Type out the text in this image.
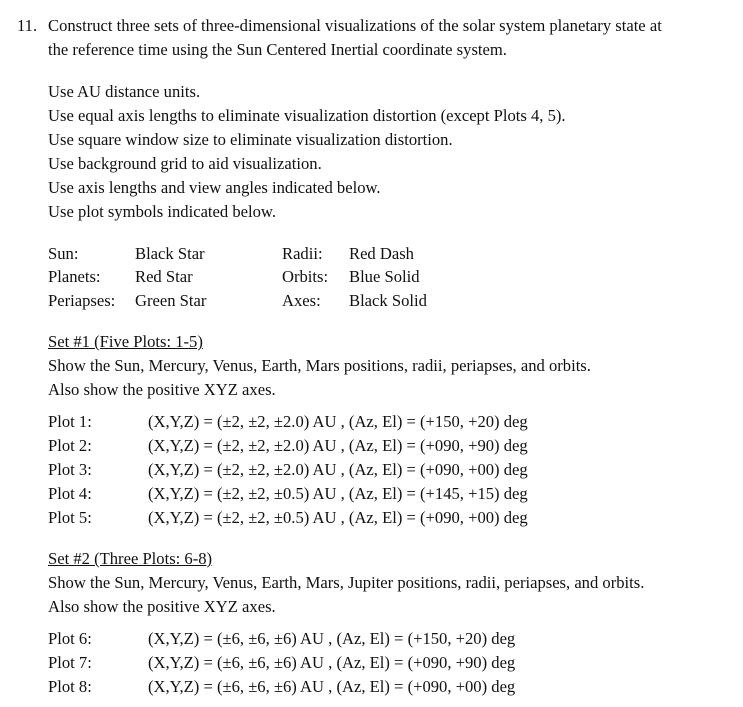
11. Construct three sets of three-dimensional visualizations of the solar system planetary state at
the reference time using the Sun Centered Inertial coordinate system.
Use AU distance units.
Use equal axis lengths to eliminate visualization distortion (except Plots 4, 5).
Use square window size to eliminate visualization distortion.
Use background grid to aid visualization.
Use axis lengths and view angles indicated below.
Use plot symbols indicated below.
Sun:	Black Star	Radii: Red Dash
Planets: Red Star	Orbits: Blue Solid
Periapses: Green Star	Axes: Black Solid
Set #1 (Five Plots: 1-5)
Show the Sun, Mercury, Venus, Earth, Mars positions, radii, periapses, and orbits.
Also show the positive XYZ axes.
Plot 1:	(X,Y,Z) = (±2, ±2, ±2.0) AU , (Az, El) = (+150, +20) deg
Plot 2:	(X,Y,Z) = (±2, ±2, ±2.0) AU , (Az, El) = (+090, +90) deg
Plot 3:	(X,Y,Z) = (±2, ±2, ±2.0) AU , (Az, El) = (+090, +00) deg
Plot 4:	(X,Y,Z) = (±2, ±2, ±0.5) AU , (Az, El) = (+145, +15) deg
Plot 5:	(X,Y,Z) = (±2, ±2, ±0.5) AU , (Az, El) = (+090, +00) deg
Set #2 (Three Plots: 6-8)
Show the Sun, Mercury, Venus, Earth, Mars, Jupiter positions, radii, periapses, and orbits.
Also show the positive XYZ axes.
Plot 6:	(X,Y,Z) = (±6, ±6, ±6) AU , (Az, El) = (+150, +20) deg
Plot 7:	(X,Y,Z) = (±6, ±6, ±6) AU , (Az, El) = (+090, +90) deg
Plot 8:	(X,Y,Z) = (±6, ±6, ±6) AU , (Az, El) = (+090, +00) deg
